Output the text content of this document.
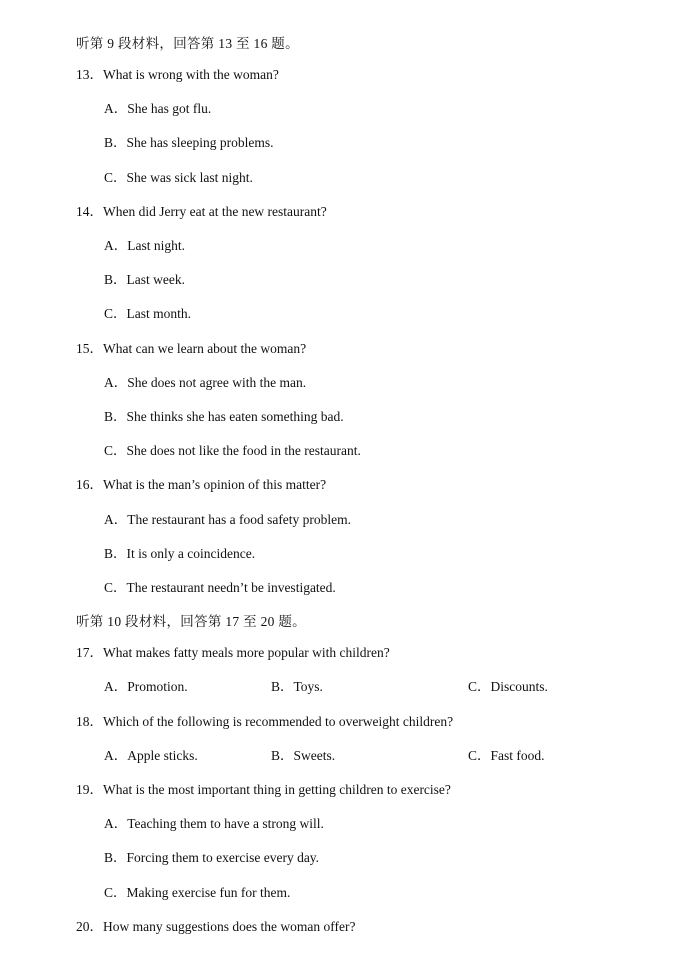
听第 9 段材料，回答第 13 至 16 题。
13．What is wrong with the woman?
A．She has got flu.
B．She has sleeping problems.
C．She was sick last night.
14．When did Jerry eat at the new restaurant?
A．Last night.
B．Last week.
C．Last month.
15．What can we learn about the woman?
A．She does not agree with the man.
B．She thinks she has eaten something bad.
C．She does not like the food in the restaurant.
16．What is the man’s opinion of this matter?
A．The restaurant has a food safety problem.
B．It is only a coincidence.
C．The restaurant needn’t be investigated.
听第 10 段材料，回答第 17 至 20 题。
17．What makes fatty meals more popular with children?
A．Promotion.	B．Toys.	C．Discounts.
18．Which of the following is recommended to overweight children?
A．Apple sticks.	B．Sweets.	C．Fast food.
19．What is the most important thing in getting children to exercise?
A．Teaching them to have a strong will.
B．Forcing them to exercise every day.
C．Making exercise fun for them.
20．How many suggestions does the woman offer?
